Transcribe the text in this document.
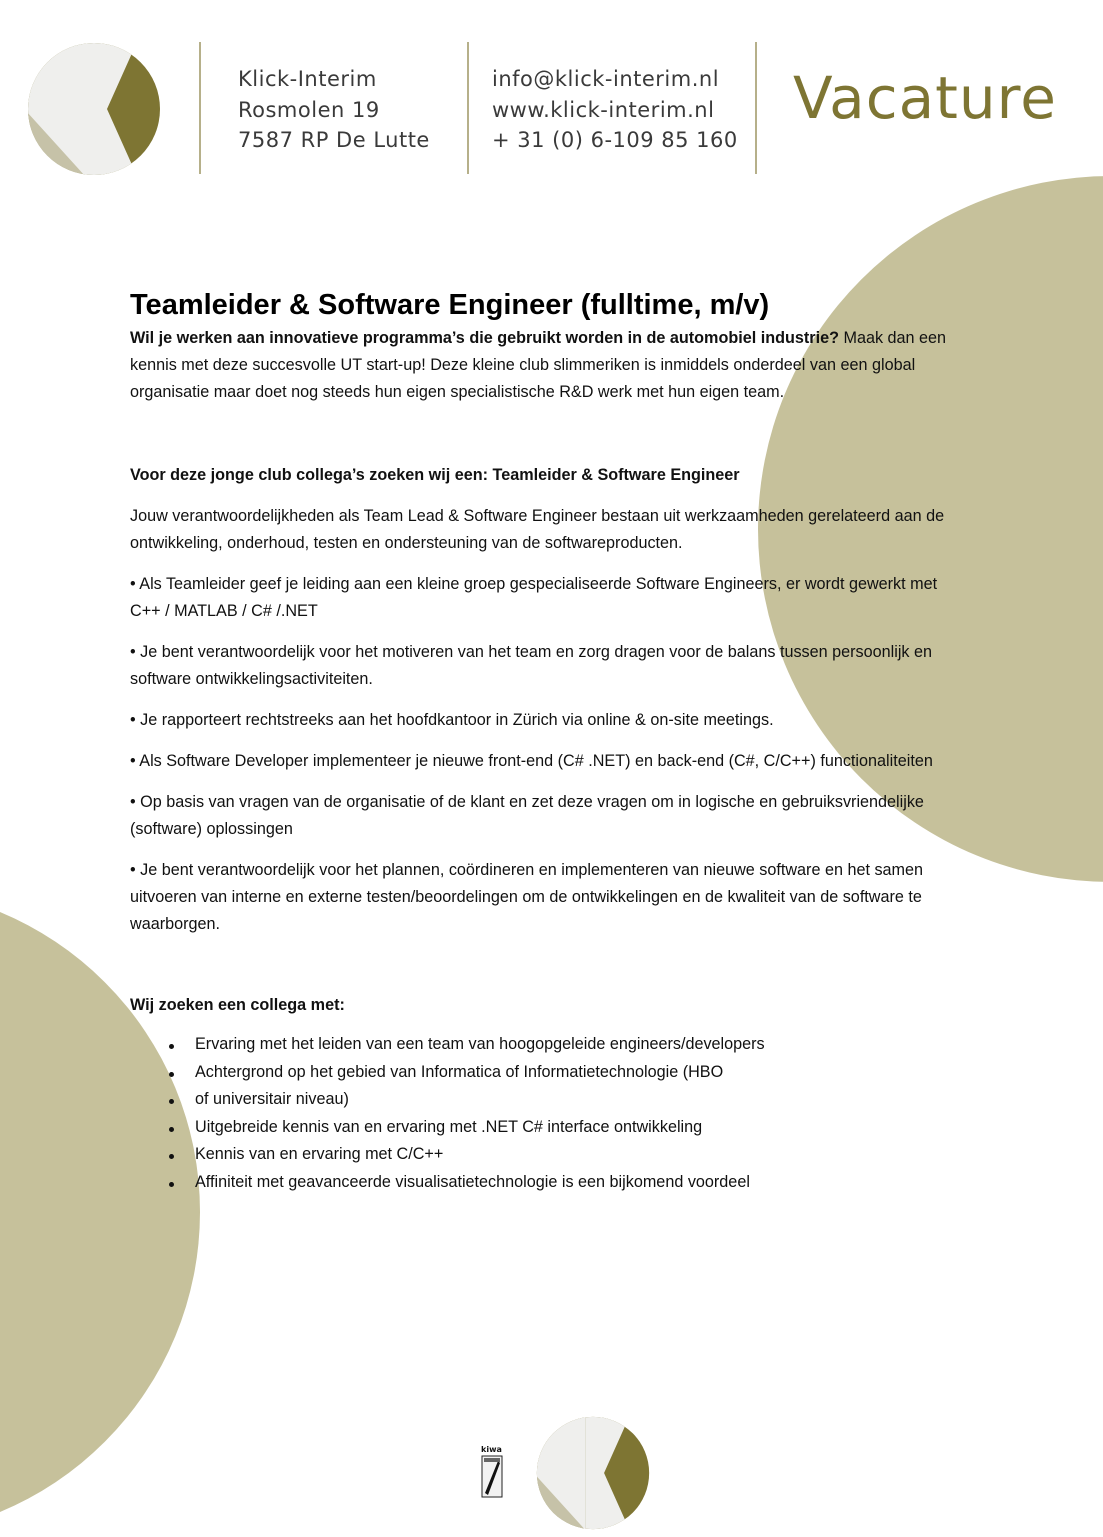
Klick-Interim
Rosmolen 19
7587 RP De Lutte
info@klick-interim.nl
www.klick-interim.nl
+ 31 (0) 6-109 85 160
Vacature
Teamleider & Software Engineer (fulltime, m/v)

Wil je werken aan innovatieve programma’s die gebruikt worden in de automobiel industrie? Maak dan een kennis met deze succesvolle UT start-up! Deze kleine club slimmeriken is inmiddels onderdeel van een global organisatie maar doet nog steeds hun eigen specialistische R&D werk met hun eigen team.

Voor deze jonge club collega’s zoeken wij een: Teamleider & Software Engineer

Jouw verantwoordelijkheden als Team Lead & Software Engineer bestaan uit werkzaamheden gerelateerd aan de ontwikkeling, onderhoud, testen en ondersteuning van de softwareproducten.

• Als Teamleider geef je leiding aan een kleine groep gespecialiseerde Software Engineers, er wordt gewerkt met C++ / MATLAB / C# /.NET

• Je bent verantwoordelijk voor het motiveren van het team en zorg dragen voor de balans tussen persoonlijk en software ontwikkelingsactiviteiten.

• Je rapporteert rechtstreeks aan het hoofdkantoor in Zürich via online & on-site meetings.

• Als Software Developer implementeer je nieuwe front-end (C# .NET) en back-end (C#, C/C++) functionaliteiten

• Op basis van vragen van de organisatie of de klant en zet deze vragen om in logische en gebruiksvriendelijke (software) oplossingen

• Je bent verantwoordelijk voor het plannen, coördineren en implementeren van nieuwe software en het samen uitvoeren van interne en externe testen/beoordelingen om de ontwikkelingen en de kwaliteit van de software te waarborgen.

Wij zoeken een collega met:

Ervaring met het leiden van een team van hoogopgeleide engineers/developers
Achtergrond op het gebied van Informatica of Informatietechnologie (HBO
of universitair niveau)
Uitgebreide kennis van en ervaring met .NET C# interface ontwikkeling
Kennis van en ervaring met C/C++
Affiniteit met geavanceerde visualisatietechnologie is een bijkomend voordeel
kiwa
